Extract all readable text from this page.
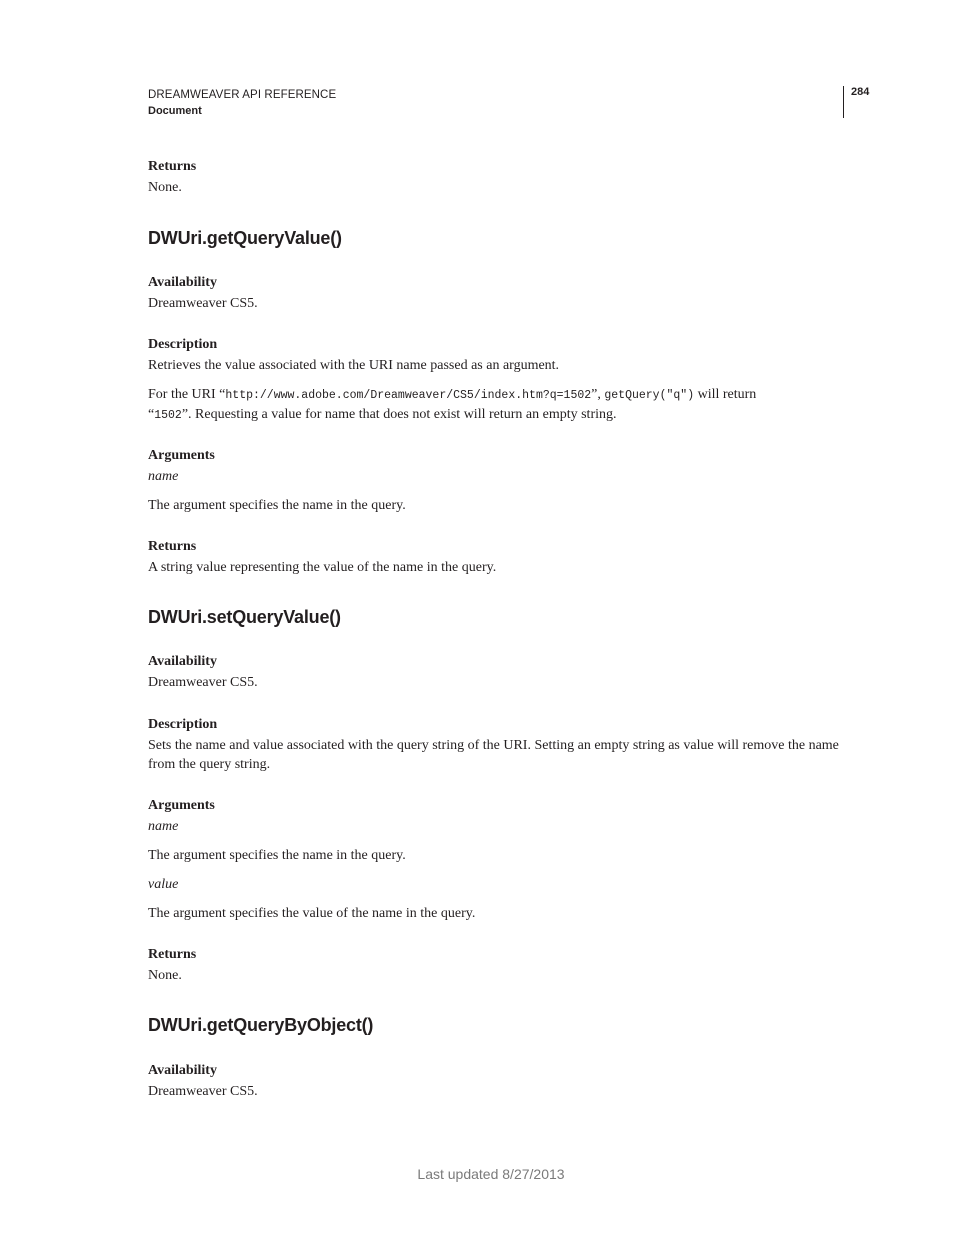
DREAMWEAVER API REFERENCE
Document
284
Returns
None.
DWUri.getQueryValue()
Availability
Dreamweaver CS5.
Description
Retrieves the value associated with the URI name passed as an argument.
For the URI “http://www.adobe.com/Dreamweaver/CS5/index.htm?q=1502”, getQuery("q") will return
“1502”. Requesting a value for name that does not exist will return an empty string.
Arguments
name
The argument specifies the name in the query.
Returns
A string value representing the value of the name in the query.
DWUri.setQueryValue()
Availability
Dreamweaver CS5.
Description
Sets the name and value associated with the query string of the URI. Setting an empty string as value will remove the name from the query string.
Arguments
name
The argument specifies the name in the query.
value
The argument specifies the value of the name in the query.
Returns
None.
DWUri.getQueryByObject()
Availability
Dreamweaver CS5.
Last updated 8/27/2013
